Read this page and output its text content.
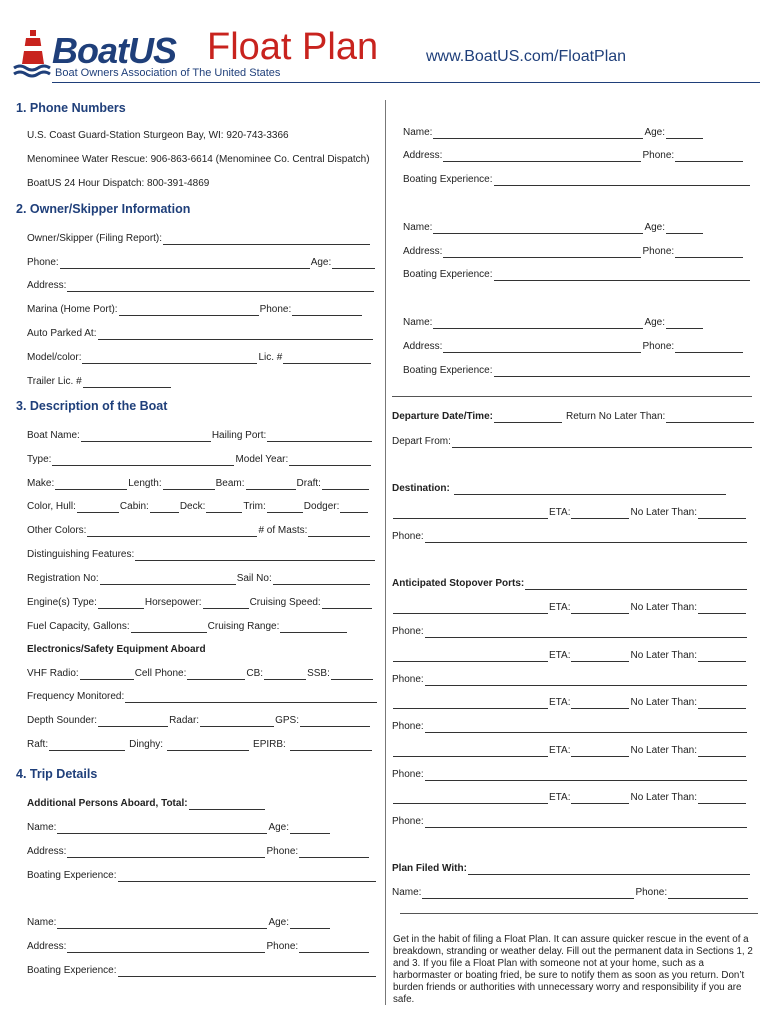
BoatUS Float Plan	www.BoatUS.com/FloatPlan
Boat Owners Association of The United States
1. Phone Numbers
U.S. Coast Guard-Station Sturgeon Bay, WI: 920-743-3366
Menominee Water Rescue: 906-863-6614 (Menominee Co. Central Dispatch)
BoatUS 24 Hour Dispatch: 800-391-4869
2. Owner/Skipper Information
Owner/Skipper (Filing Report):
Phone:	Age:
Address:
Marina (Home Port):	Phone:
Auto Parked At:
Model/color:	Lic. #
Trailer Lic. #
3. Description of the Boat
Boat Name:	Hailing Port:
Type:	Model Year:
Make:	Length:	Beam:	Draft:
Color, Hull:	Cabin:	Deck:	Trim:	Dodger:
Other Colors:	# of Masts:
Distinguishing Features:
Registration No:	Sail No:
Engine(s) Type:	Horsepower:	Cruising Speed:
Fuel Capacity, Gallons:	Cruising Range:
Electronics/Safety Equipment Aboard
VHF Radio:	Cell Phone:	CB:	SSB:
Frequency Monitored:
Depth Sounder:	Radar:	GPS:
Raft:	Dinghy:	EPIRB:
4. Trip Details
Additional Persons Aboard, Total:
Name:	Age:
Address:	Phone:
Boating Experience:
Name:	Age:
Address:	Phone:
Boating Experience:
Name:	Age:
Address:	Phone:
Boating Experience:
Name:	Age:
Address:	Phone:
Boating Experience:
Name:	Age:
Address:	Phone:
Boating Experience:
Departure Date/Time:	Return No Later Than:
Depart From:
Destination:
ETA:	No Later Than:
Phone:
Anticipated Stopover Ports:
ETA:	No Later Than:
Phone:
ETA:	No Later Than:
Phone:
ETA:	No Later Than:
Phone:
ETA:	No Later Than:
Phone:
ETA:	No Later Than:
Phone:
Plan Filed With:
Name:	Phone:
Get in the habit of filing a Float Plan. It can assure quicker rescue in the event of a breakdown, stranding or weather delay. Fill out the permanent data in Sections 1, 2 and 3. If you file a Float Plan with someone not at your home, such as a harbormaster or boating fried, be sure to notify them as soon as you return. Don’t burden friends or authorities with unnecessary worry and responsibility if you are safe.
